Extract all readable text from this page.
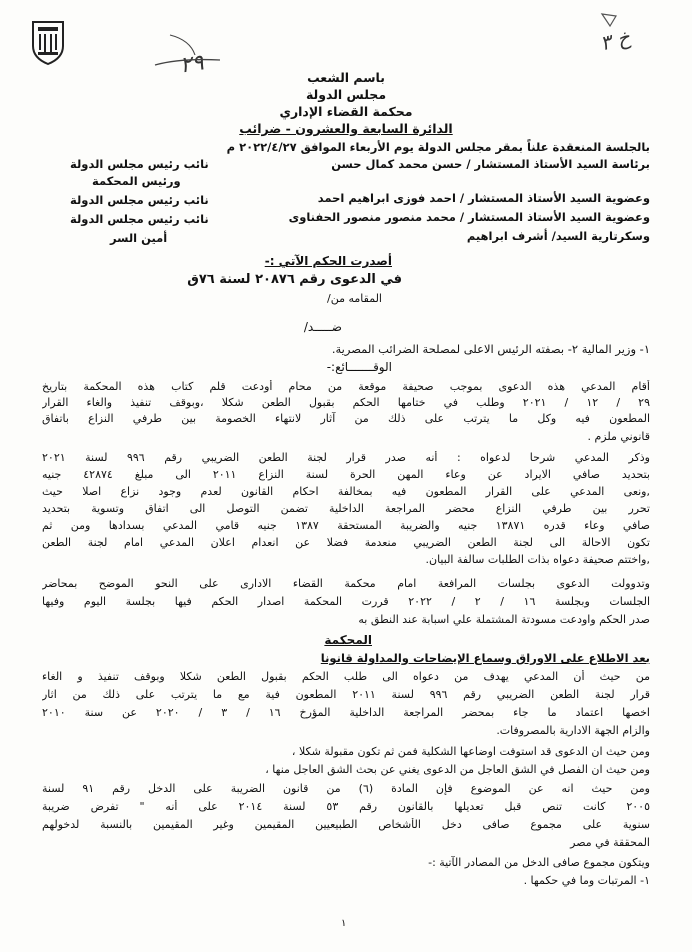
٢٩
خ ٣
باسم الشعب
مجلس الدولة
محكمة القضاء الإداري
الدائرة السابعة والعشرون - ضرائب
بالجلسة المنعقدة علناً بمقر مجلس الدولة يوم الأربعاء الموافق ٢٠٢٢/٤/٢٧ م
برئاسة السيد الأستاذ المستشار / حسن محمد كمال حسن
نائب رئيس مجلس الدولة
ورئيس المحكمة
وعضوية السيد الأستاذ المستشار / احمد فوزى ابراهيم احمد
نائب رئيس مجلس الدولة
وعضوية السيد الأستاذ المستشار / محمد منصور منصور الحفناوى
نائب رئيس مجلس الدولة
وسكرتارية السيد/ أشرف ابراهيم
أمين السر
أصدرت الحكم الآتي :-
في الدعوى رقم ٢٠٨٧٦ لسنة ٧٦ق
المقامه من/
ضـــــد/
١- وزير المالية ٢- بصفته الرئيس الاعلى لمصلحة الضرائب المصرية.
الوقـــــــائع:-
أقام المدعي هذه الدعوى بموجب صحيفة موقعة من محام أودعت قلم كتاب هذه المحكمة بتاريخ
٢٩ / ١٢ / ٢٠٢١ وطلب في ختامها الحكم بقبول الطعن شكلا ،وبوقف تنفيذ والغاء القرار
المطعون فيه وكل ما يترتب على ذلك من آثار لانتهاء الخصومة بين طرفي النزاع باتفاق
قانوني ملزم .
وذكر المدعي شرحا لدعواه : أنه صدر قرار لجنة الطعن الضريبي رقم ٩٩٦ لسنة ٢٠٢١
بتحديد صافي الايراد عن وعاء المهن الحرة لسنة النزاع ٢٠١١ الى مبلغ ٤٢٨٧٤ جنيه
,ونعى المدعي على القرار المطعون فيه بمخالفة احكام القانون لعدم وجود نزاع اصلا حيث
تحرر بين طرفي النزاع محضر المراجعة الداخلية تضمن التوصل الى اتفاق وتسوية بتحديد
صافي وعاء قدره ١٣٨٧١ جنيه والضريبة المستحقة ١٣٨٧ جنيه قامي المدعي بسدادها ومن ثم
تكون الاحالة الى لجنة الطعن الضريبي منعدمة فضلا عن انعدام اعلان المدعي امام لجنة الطعن
,واختتم صحيفة دعواه بذات الطلبات سالفة البيان.
وتدوولت الدعوى بجلسات المرافعة امام محكمة القضاء الادارى على النحو الموضح بمحاضر
الجلسات وبجلسة ١٦ / ٢ / ٢٠٢٢ قررت المحكمة اصدار الحكم فيها بجلسة اليوم وفيها
صدر الحكم واودعت مسودتة المشتملة علي اسبابة عند النطق به
المحكمة
بعد الاطلاع على الاوراق وسماع الإيضاحات والمداولة قانونا
من حيث أن المدعي يهدف من دعواه الى طلب الحكم بقبول الطعن شكلا وبوقف تنفيذ و الغاء
قرار لجنة الطعن الضريبي رقم ٩٩٦ لسنة ٢٠١١ المطعون فية مع ما يترتب على ذلك من اثار
اخصها اعتماد ما جاء بمحضر المراجعة الداخلية المؤرخ ١٦ / ٣ / ٢٠٢٠ عن سنة ٢٠١٠
والزام الجهة الادارية بالمصروفات.
ومن حيث ان الدعوى قد استوفت اوضاعها الشكلية فمن ثم تكون مقبولة شكلا ،
ومن حيث ان الفصل في الشق العاجل من الدعوى يغني عن بحث الشق العاجل منها ،
ومن حيث انه عن الموضوع فإن المادة (٦) من قانون الضريبة على الدخل رقم ٩١ لسنة
٢٠٠٥ كانت تنص قبل تعديلها بالقانون رقم ٥٣ لسنة ٢٠١٤ على أنه " تفرض ضريبة
سنوية على مجموع صافى دخل الأشخاص الطبيعيين المقيمين وغير المقيمين بالنسبة لدخولهم
المحققة في مصر
ويتكون مجموع صافى الدخل من المصادر الآتية :-
١- المرتبات وما في حكمها .
١
